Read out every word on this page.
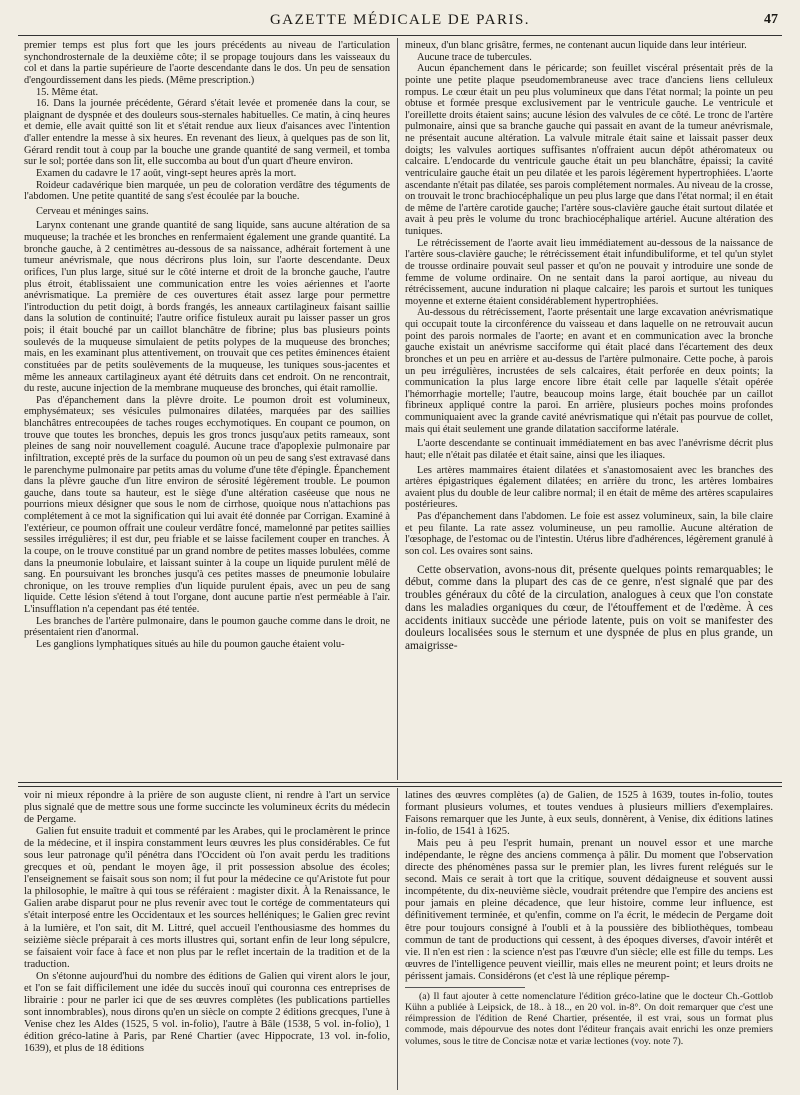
GAZETTE MÉDICALE DE PARIS.	47

premier temps est plus fort que les jours précédents au niveau de l'articulation synchondrosternale de la deuxième côte; il se propage toujours dans les vaisseaux du col et dans la partie supérieure de l'aorte descendante dans le dos. Un peu de sensation d'engourdissement dans les pieds. (Même prescription.)

15. Même état.

16. Dans la journée précédente, Gérard s'était levée et promenée dans la cour, se plaignant de dyspnée et des douleurs sous-sternales habituelles. Ce matin, à cinq heures et demie, elle avait quitté son lit et s'était rendue aux lieux d'aisances avec l'intention d'aller entendre la messe à six heures. En revenant des lieux, à quelques pas de son lit, Gérard rendit tout à coup par la bouche une grande quantité de sang vermeil, et tomba sur le sol; portée dans son lit, elle succomba au bout d'un quart d'heure environ.

Examen du cadavre le 17 août, vingt-sept heures après la mort.

Roideur cadavérique bien marquée, un peu de coloration verdâtre des téguments de l'abdomen. Une petite quantité de sang s'est écoulée par la bouche.

Cerveau et méninges sains.

Larynx contenant une grande quantité de sang liquide, sans aucune altération de sa muqueuse; la trachée et les bronches en renfermaient également une grande quantité. La bronche gauche, à 2 centimètres au-dessous de sa naissance, adhérait fortement à une tumeur anévrismale, que nous décrirons plus loin, sur l'aorte descendante. Deux orifices, l'un plus large, situé sur le côté interne et droit de la bronche gauche, l'autre plus étroit, établissaient une communication entre les voies aériennes et l'aorte anévrismatique. La première de ces ouvertures était assez large pour permettre l'introduction du petit doigt, à bords frangés, les anneaux cartilagineux faisant saillie dans la solution de continuité; l'autre orifice fistuleux aurait pu laisser passer un gros pois; il était bouché par un caillot blanchâtre de fibrine; plus bas plusieurs points soulevés de la muqueuse simulaient de petits polypes de la muqueuse des bronches; mais, en les examinant plus attentivement, on trouvait que ces petites éminences étaient constituées par de petits soulèvements de la muqueuse, les tuniques sous-jacentes et même les anneaux cartilagineux ayant été détruits dans cet endroit. On ne rencontrait, du reste, aucune injection de la membrane muqueuse des bronches, qui était ramollie.

Pas d'épanchement dans la plèvre droite. Le poumon droit est volumineux, emphysémateux; ses vésicules pulmonaires dilatées, marquées par des saillies blanchâtres entrecoupées de taches rouges ecchymotiques. En coupant ce poumon, on trouve que toutes les bronches, depuis les gros troncs jusqu'aux petits rameaux, sont pleines de sang noir nouvellement coagulé. Aucune trace d'apoplexie pulmonaire par infiltration, excepté près de la surface du poumon où un peu de sang s'est extravasé dans le parenchyme pulmonaire par petits amas du volume d'une tête d'épingle. Épanchement dans la plèvre gauche d'un litre environ de sérosité légèrement trouble. Le poumon gauche, dans toute sa hauteur, est le siège d'une altération caséeuse que nous ne pourrions mieux désigner que sous le nom de cirrhose, quoique nous n'attachions pas complétement à ce mot la signification qui lui avait été donnée par Corrigan. Examiné à l'extérieur, ce poumon offrait une couleur verdâtre foncé, mamelonné par petites saillies sessiles irrégulières; il est dur, peu friable et se laisse facilement couper en tranches. À la coupe, on le trouve constitué par un grand nombre de petites masses lobulées, comme dans la pneumonie lobulaire, et laissant suinter à la coupe un liquide purulent mêlé de sang. En poursuivant les bronches jusqu'à ces petites masses de pneumonie lobulaire chronique, on les trouve remplies d'un liquide purulent épais, avec un peu de sang liquide. Cette lésion s'étend à tout l'organe, dont aucune partie n'est perméable à l'air. L'insufflation n'a cependant pas été tentée.

Les branches de l'artère pulmonaire, dans le poumon gauche comme dans le droit, ne présentaient rien d'anormal.

Les ganglions lymphatiques situés au hile du poumon gauche étaient volu-

mineux, d'un blanc grisâtre, fermes, ne contenant aucun liquide dans leur intérieur.

Aucune trace de tubercules.

Aucun épanchement dans le péricarde; son feuillet viscéral présentait près de la pointe une petite plaque pseudomembraneuse avec trace d'anciens liens celluleux rompus. Le cœur était un peu plus volumineux que dans l'état normal; la pointe un peu obtuse et formée presque exclusivement par le ventricule gauche. Le ventricule et l'oreillette droits étaient sains; aucune lésion des valvules de ce côté. Le tronc de l'artère pulmonaire, ainsi que sa branche gauche qui passait en avant de la tumeur anévrismale, ne présentait aucune altération. La valvule mitrale était saine et laissait passer deux doigts; les valvules aortiques suffisantes n'offraient aucun dépôt athéromateux ou calcaire. L'endocarde du ventricule gauche était un peu blanchâtre, épaissi; la cavité ventriculaire gauche était un peu dilatée et les parois légèrement hypertrophiées. L'aorte ascendante n'était pas dilatée, ses parois complétement normales. Au niveau de la crosse, on trouvait le tronc brachiocéphalique un peu plus large que dans l'état normal; il en était de même de l'artère carotide gauche; l'artère sous-clavière gauche était surtout dilatée et avait à peu près le volume du tronc brachiocéphalique artériel. Aucune altération des tuniques.

Le rétrécissement de l'aorte avait lieu immédiatement au-dessous de la naissance de l'artère sous-clavière gauche; le rétrécissement était infundibuliforme, et tel qu'un stylet de trousse ordinaire pouvait seul passer et qu'on ne pouvait y introduire une sonde de femme de volume ordinaire. On ne sentait dans la paroi aortique, au niveau du rétrécissement, aucune induration ni plaque calcaire; les parois et surtout les tuniques moyenne et externe étaient considérablement hypertrophiées.

Au-dessous du rétrécissement, l'aorte présentait une large excavation anévrismatique qui occupait toute la circonférence du vaisseau et dans laquelle on ne retrouvait aucun point des parois normales de l'aorte; en avant et en communication avec la bronche gauche existait un anévrisme sacciforme qui était placé dans l'écartement des deux bronches et un peu en arrière et au-dessus de l'artère pulmonaire. Cette poche, à parois un peu irrégulières, incrustées de sels calcaires, était perforée en deux points; la communication la plus large encore libre était celle par laquelle s'était opérée l'hémorrhagie mortelle; l'autre, beaucoup moins large, était bouchée par un caillot fibrineux appliqué contre la paroi. En arrière, plusieurs poches moins profondes communiquaient avec la grande cavité anévrismatique qui n'était pas pourvue de collet, mais qui était seulement une grande dilatation sacciforme latérale.

L'aorte descendante se continuait immédiatement en bas avec l'anévrisme décrit plus haut; elle n'était pas dilatée et était saine, ainsi que les iliaques.

Les artères mammaires étaient dilatées et s'anastomosaient avec les branches des artères épigastriques également dilatées; en arrière du tronc, les artères lombaires avaient plus du double de leur calibre normal; il en était de même des artères scapulaires postérieures.

Pas d'épanchement dans l'abdomen. Le foie est assez volumineux, sain, la bile claire et peu filante. La rate assez volumineuse, un peu ramollie. Aucune altération de l'œsophage, de l'estomac ou de l'intestin. Utérus libre d'adhérences, légèrement granulé à son col. Les ovaires sont sains.

Cette observation, avons-nous dit, présente quelques points remarquables; le début, comme dans la plupart des cas de ce genre, n'est signalé que par des troubles généraux du côté de la circulation, analogues à ceux que l'on constate dans les maladies organiques du cœur, de l'étouffement et de l'œdème. À ces accidents initiaux succède une période latente, puis on voit se manifester des douleurs localisées sous le sternum et une dyspnée de plus en plus grande, un amaigrisse-

voir ni mieux répondre à la prière de son auguste client, ni rendre à l'art un service plus signalé que de mettre sous une forme succincte les volumineux écrits du médecin de Pergame.

Galien fut ensuite traduit et commenté par les Arabes, qui le proclamèrent le prince de la médecine, et il inspira constamment leurs œuvres les plus considérables. Ce fut sous leur patronage qu'il pénétra dans l'Occident où l'on avait perdu les traditions grecques et où, pendant le moyen âge, il prit possession absolue des écoles; l'enseignement se faisait sous son nom; il fut pour la médecine ce qu'Aristote fut pour la philosophie, le maître à qui tous se référaient : magister dixit. À la Renaissance, le Galien arabe disparut pour ne plus revenir avec tout le cortége de commentateurs qui s'était interposé entre les Occidentaux et les sources helléniques; le Galien grec revint à la lumière, et l'on sait, dit M. Littré, quel accueil l'enthousiasme des hommes du seizième siècle préparait à ces morts illustres qui, sortant enfin de leur long sépulcre, se faisaient voir face à face et non plus par le reflet incertain de la tradition et de la traduction.

On s'étonne aujourd'hui du nombre des éditions de Galien qui virent alors le jour, et l'on se fait difficilement une idée du succès inouï qui couronna ces entreprises de librairie : pour ne parler ici que de ses œuvres complètes (les publications partielles sont innombrables), nous dirons qu'en un siècle on compte 2 éditions grecques, l'une à Venise chez les Aldes (1525, 5 vol. in-folio), l'autre à Bâle (1538, 5 vol. in-folio), 1 édition gréco-latine à Paris, par René Chartier (avec Hippocrate, 13 vol. in-folio, 1639), et plus de 18 éditions

latines des œuvres complètes (a) de Galien, de 1525 à 1639, toutes in-folio, toutes formant plusieurs volumes, et toutes vendues à plusieurs milliers d'exemplaires. Faisons remarquer que les Junte, à eux seuls, donnèrent, à Venise, dix éditions latines in-folio, de 1541 à 1625.

Mais peu à peu l'esprit humain, prenant un nouvel essor et une marche indépendante, le règne des anciens commença à pâlir. Du moment que l'observation directe des phénomènes passa sur le premier plan, les livres furent relégués sur le second. Mais ce serait à tort que la critique, souvent dédaigneuse et souvent aussi incompétente, du dix-neuvième siècle, voudrait prétendre que l'empire des anciens est pour jamais en pleine décadence, que leur histoire, comme leur influence, est définitivement terminée, et qu'enfin, comme on l'a écrit, le médecin de Pergame doit être pour toujours consigné à l'oubli et à la poussière des bibliothèques, tombeau commun de tant de productions qui cessent, à des époques diverses, d'avoir intérêt et vie. Il n'en est rien : la science n'est pas l'œuvre d'un siècle; elle est fille du temps. Les œuvres de l'intelligence peuvent vieillir, mais elles ne meurent point; et leurs droits ne périssent jamais. Considérons (et c'est là une réplique péremp-

(a) Il faut ajouter à cette nomenclature l'édition gréco-latine que le docteur Ch.-Gottlob Kühn a publiée à Leipsick, de 18.. à 18.., en 20 vol. in-8°. On doit remarquer que c'est une réimpression de l'édition de René Chartier, présentée, il est vrai, sous un format plus commode, mais dépourvue des notes dont l'éditeur français avait enrichi les onze premiers volumes, sous le titre de Concisæ notæ et variæ lectiones (voy. note 7).
